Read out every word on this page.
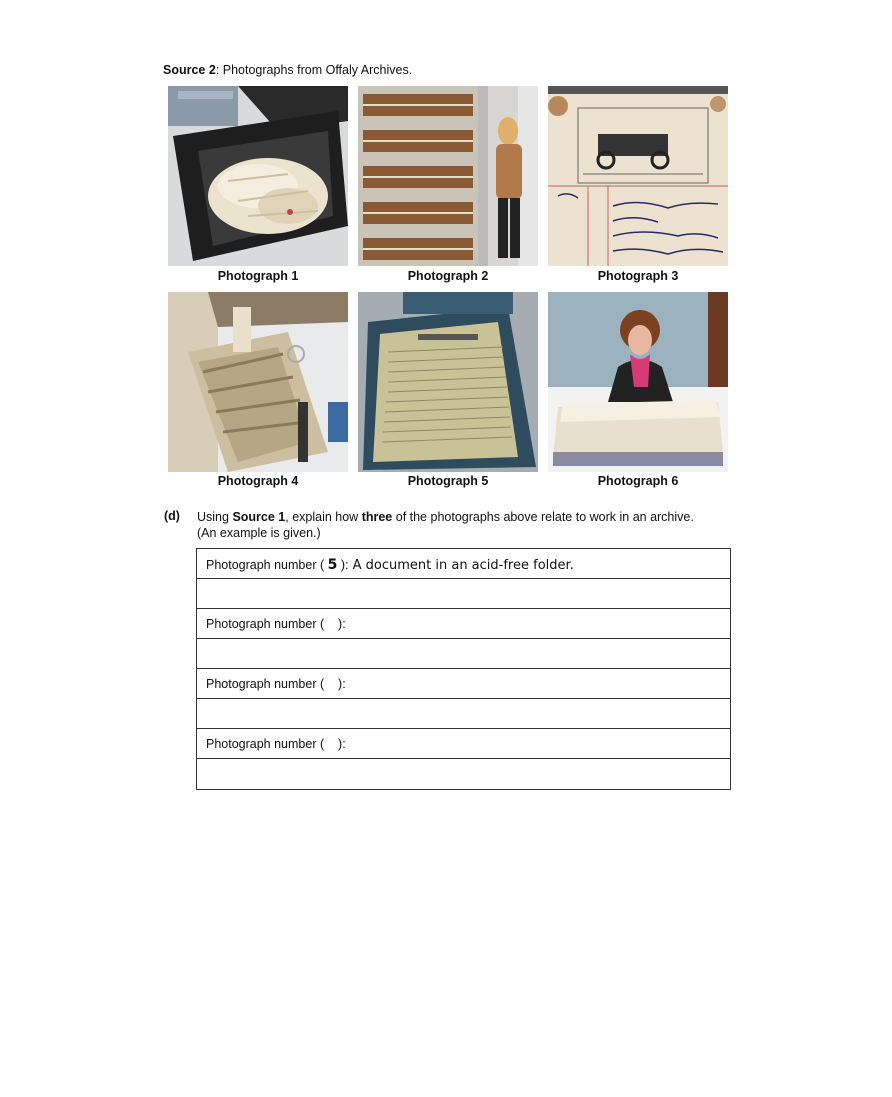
Source 2: Photographs from Offaly Archives.
Photograph 1	Photograph 2	Photograph 3
Photograph 4	Photograph 5	Photograph 6
(d) Using Source 1, explain how three of the photographs above relate to work in an archive.
(An example is given.)
Photograph number ( 5 ): A document in an acid-free folder.
Photograph number ( ):
Photograph number ( ):
Photograph number ( ):
